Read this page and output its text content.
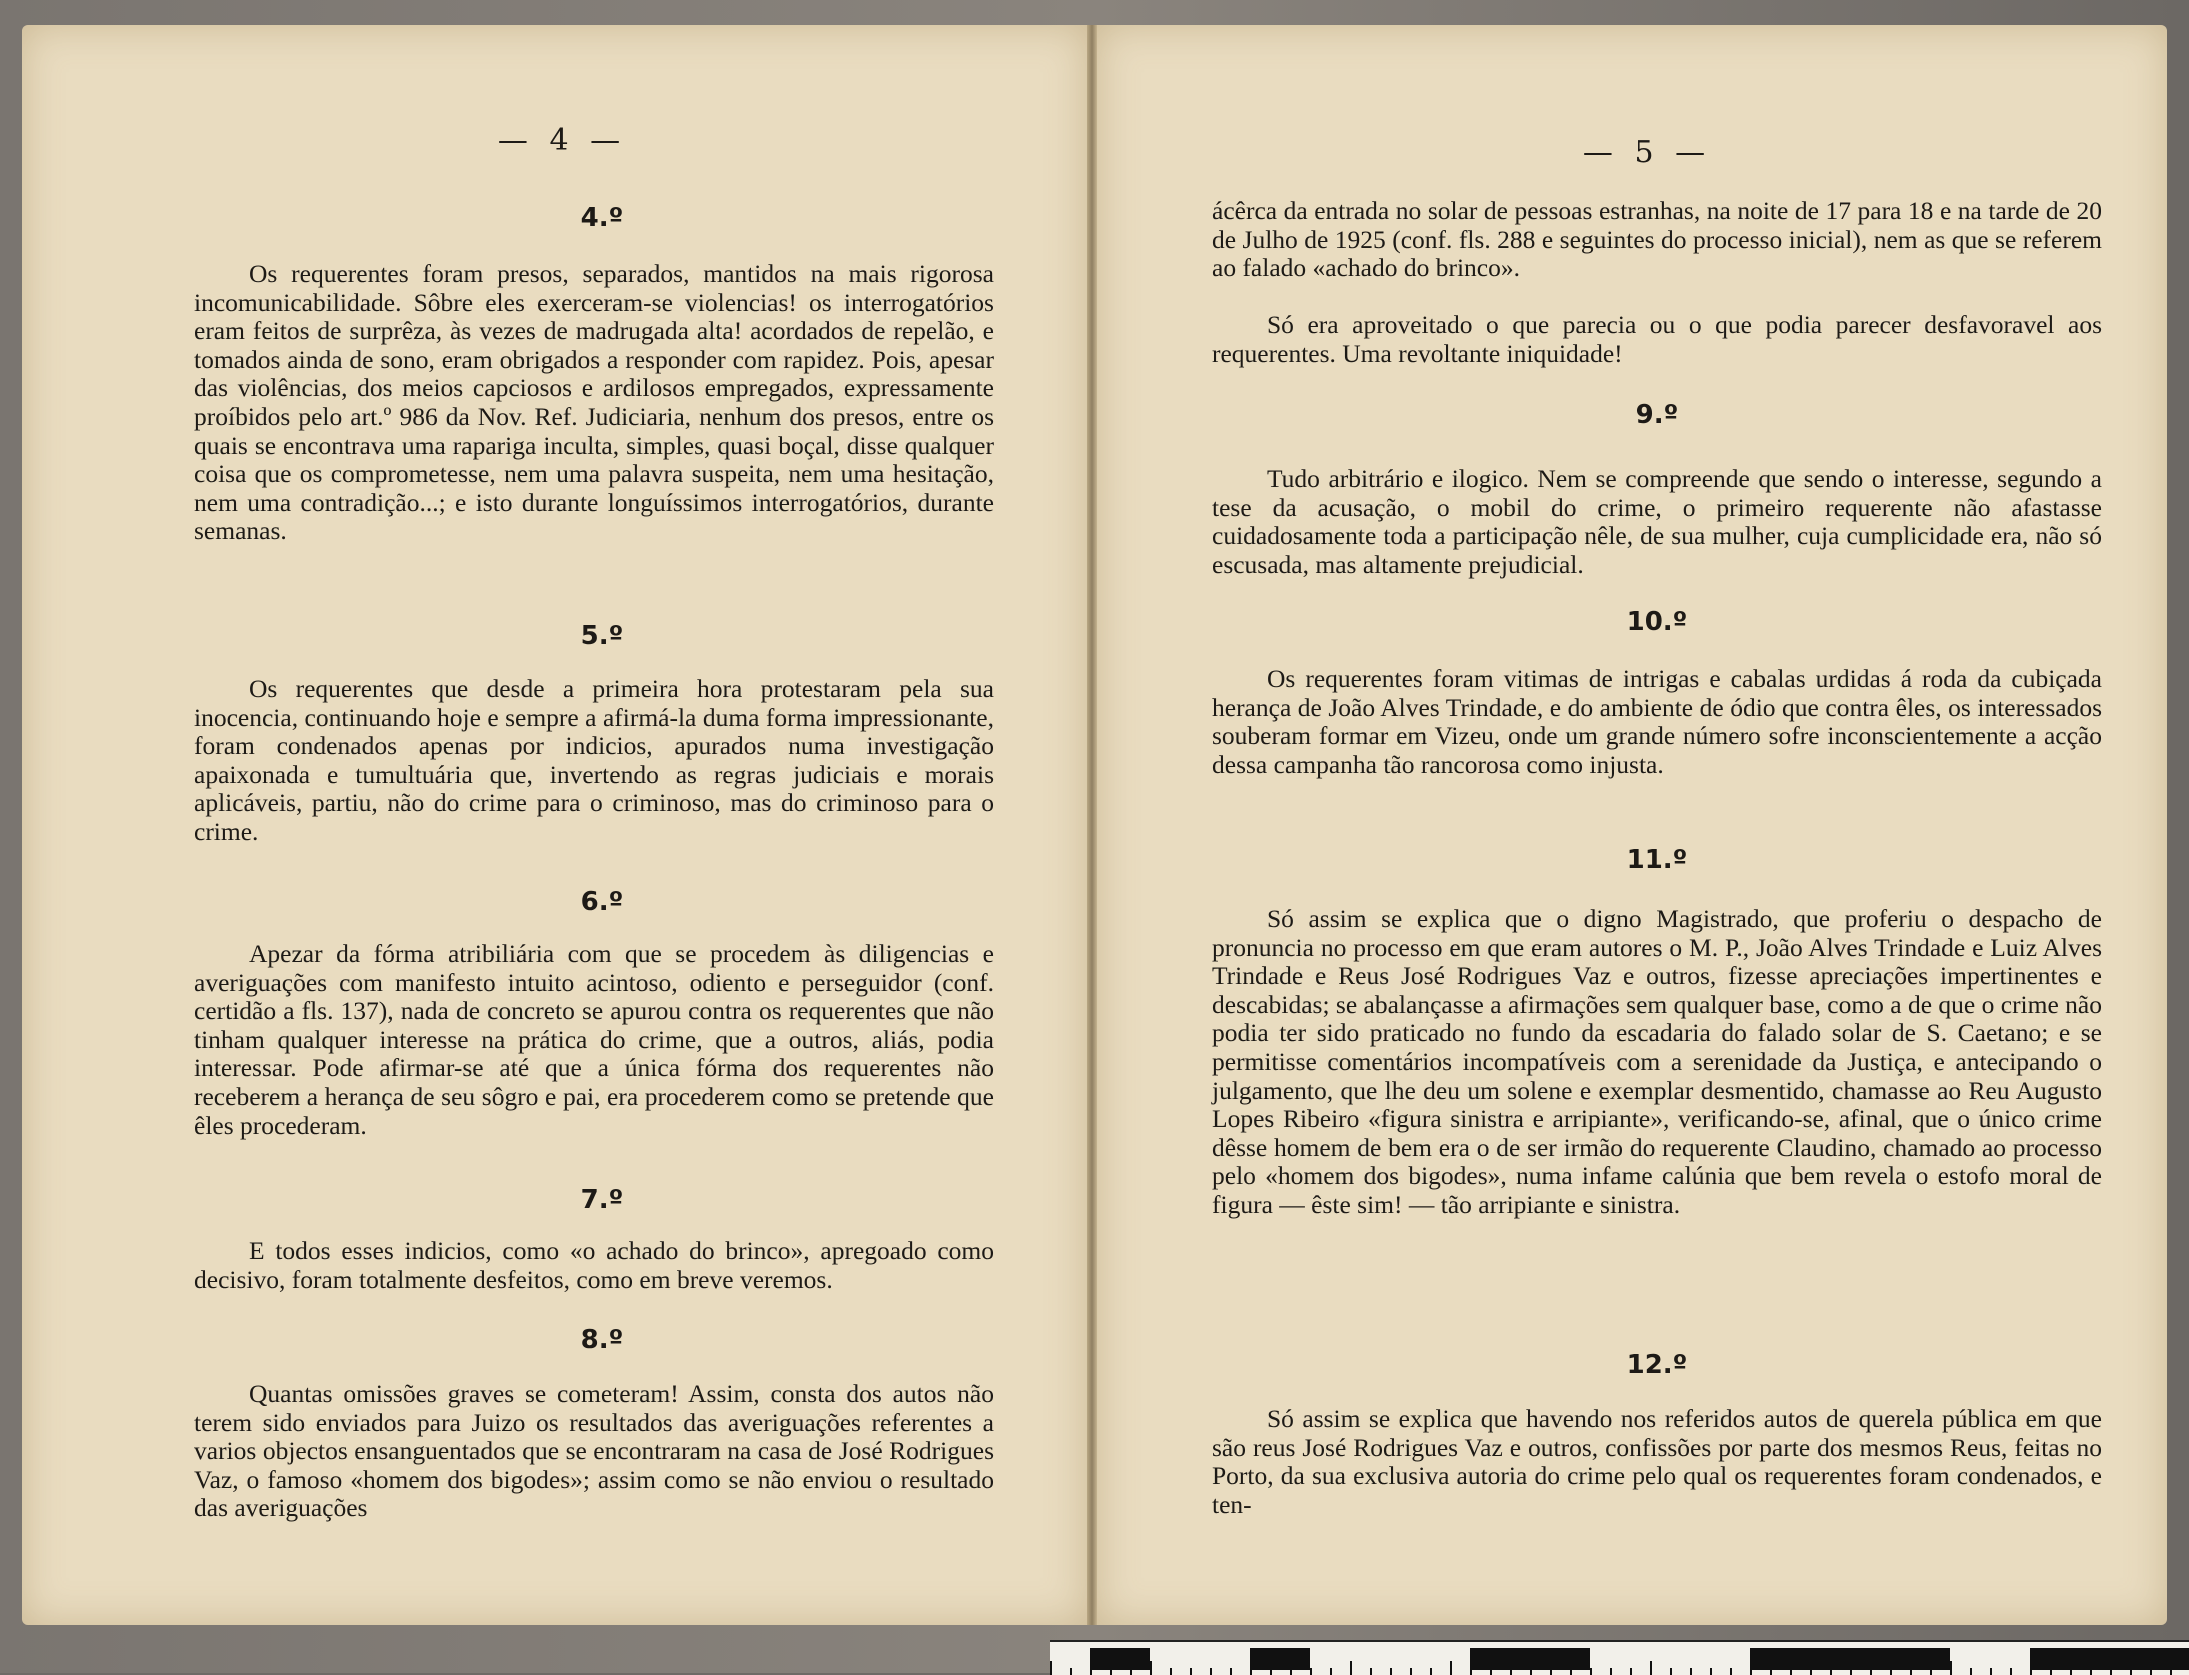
— 4 —
4.º
Os requerentes foram presos, separados, mantidos na mais rigorosa incomunicabilidade. Sôbre eles exerceram-se violencias! os interrogatórios eram feitos de surprêza, às vezes de madrugada alta! acordados de repelão, e tomados ainda de sono, eram obrigados a responder com rapidez. Pois, apesar das violências, dos meios capciosos e ardilosos empregados, expressamente proíbidos pelo art.º 986 da Nov. Ref. Judiciaria, nenhum dos presos, entre os quais se encontrava uma rapariga inculta, simples, quasi boçal, disse qualquer coisa que os comprometesse, nem uma palavra suspeita, nem uma hesitação, nem uma contradição...; e isto durante longuíssimos interrogatórios, durante semanas.
5.º
Os requerentes que desde a primeira hora protestaram pela sua inocencia, continuando hoje e sempre a afirmá-la duma forma impressionante, foram condenados apenas por indicios, apurados numa investigação apaixonada e tumultuária que, invertendo as regras judiciais e morais aplicáveis, partiu, não do crime para o criminoso, mas do criminoso para o crime.
6.º
Apezar da fórma atribiliária com que se procedem às diligencias e averiguações com manifesto intuito acintoso, odiento e perseguidor (conf. certidão a fls. 137), nada de concreto se apurou contra os requerentes que não tinham qualquer interesse na prática do crime, que a outros, aliás, podia interessar. Pode afirmar-se até que a única fórma dos requerentes não receberem a herança de seu sôgro e pai, era procederem como se pretende que êles procederam.
7.º
E todos esses indicios, como «o achado do brinco», apregoado como decisivo, foram totalmente desfeitos, como em breve veremos.
8.º
Quantas omissões graves se cometeram! Assim, consta dos autos não terem sido enviados para Juizo os resultados das averiguações referentes a varios objectos ensanguentados que se encontraram na casa de José Rodrigues Vaz, o famoso «homem dos bigodes»; assim como se não enviou o resultado das averiguações
— 5 —
ácêrca da entrada no solar de pessoas estranhas, na noite de 17 para 18 e na tarde de 20 de Julho de 1925 (conf. fls. 288 e seguintes do processo inicial), nem as que se referem ao falado «achado do brinco».
Só era aproveitado o que parecia ou o que podia parecer desfavoravel aos requerentes. Uma revoltante iniquidade!
9.º
Tudo arbitrário e ilogico. Nem se compreende que sendo o interesse, segundo a tese da acusação, o mobil do crime, o primeiro requerente não afastasse cuidadosamente toda a participação nêle, de sua mulher, cuja cumplicidade era, não só escusada, mas altamente prejudicial.
10.º
Os requerentes foram vitimas de intrigas e cabalas urdidas á roda da cubiçada herança de João Alves Trindade, e do ambiente de ódio que contra êles, os interessados souberam formar em Vizeu, onde um grande número sofre inconscientemente a acção dessa campanha tão rancorosa como injusta.
11.º
Só assim se explica que o digno Magistrado, que proferiu o despacho de pronuncia no processo em que eram autores o M. P., João Alves Trindade e Luiz Alves Trindade e Reus José Rodrigues Vaz e outros, fizesse apreciações impertinentes e descabidas; se abalançasse a afirmações sem qualquer base, como a de que o crime não podia ter sido praticado no fundo da escadaria do falado solar de S. Caetano; e se permitisse comentários incompatíveis com a serenidade da Justiça, e antecipando o julgamento, que lhe deu um solene e exemplar desmentido, chamasse ao Reu Augusto Lopes Ribeiro «figura sinistra e arripiante», verificando-se, afinal, que o único crime dêsse homem de bem era o de ser irmão do requerente Claudino, chamado ao processo pelo «homem dos bigodes», numa infame calúnia que bem revela o estofo moral de figura — êste sim! — tão arripiante e sinistra.
12.º
Só assim se explica que havendo nos referidos autos de querela pública em que são reus José Rodrigues Vaz e outros, confissões por parte dos mesmos Reus, feitas no Porto, da sua exclusiva autoria do crime pelo qual os requerentes foram condenados, e ten-
